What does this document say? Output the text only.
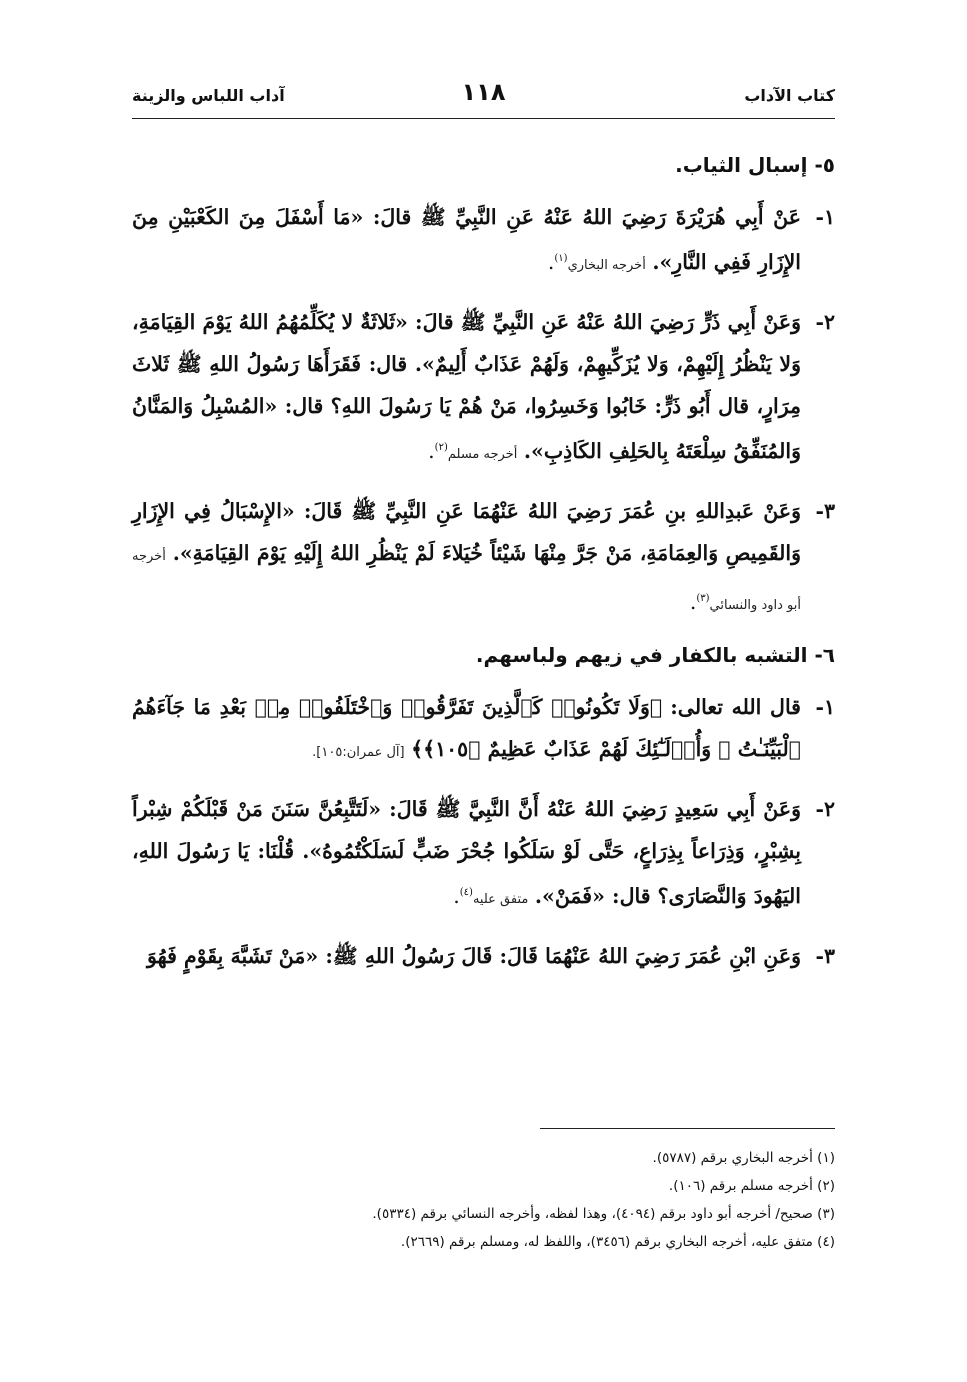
كتاب الآداب
١١٨
آداب اللباس والزينة
٥- إسبال الثياب.
١-
عَنْ أَبِي هُرَيْرَةَ رَضِيَ اللهُ عَنْهُ عَنِ النَّبِيِّ ﷺ قالَ: «مَا أَسْفَلَ مِنَ الكَعْبَيْنِ مِنَ الإِزَارِ فَفِي النَّارِ». أخرجه البخاري$^{(١)}$.
٢-
وَعَنْ أَبِي ذَرٍّ رَضِيَ اللهُ عَنْهُ عَنِ النَّبِيِّ ﷺ قالَ: «ثَلاثَةٌ لا يُكَلِّمُهُمُ اللهُ يَوْمَ القِيَامَةِ، وَلا يَنْظُرُ إِلَيْهِمْ، وَلا يُزَكِّيهِمْ، وَلَهُمْ عَذَابٌ أَلِيمٌ». قال: فَقَرَأَهَا رَسُولُ اللهِ ﷺ ثَلاثَ مِرَارٍ، قال أَبُو ذَرٍّ: خَابُوا وَخَسِرُوا، مَنْ هُمْ يَا رَسُولَ اللهِ؟ قال: «المُسْبِلُ وَالمَنَّانُ وَالمُنَفِّقُ سِلْعَتَهُ بِالحَلِفِ الكَاذِبِ». أخرجه مسلم$^{(٢)}$.
٣-
وَعَنْ عَبدِاللهِ بنِ عُمَرَ رَضِيَ اللهُ عَنْهُمَا عَنِ النَّبِيِّ ﷺ قَالَ: «الإِسْبَالُ فِي الإِزَارِ وَالقَمِيصِ وَالعِمَامَةِ، مَنْ جَرَّ مِنْهَا شَيْئاً خُيَلاءَ لَمْ يَنْظُرِ اللهُ إِلَيْهِ يَوْمَ القِيَامَةِ». أخرجه أبو داود والنسائي$^{(٣)}$.
٦- التشبه بالكفار في زيهم ولباسهم.
١-
قال الله تعالى: ﴿وَلَا تَكُونُوا۟ كَٱلَّذِينَ تَفَرَّقُوا۟ وَٱخْتَلَفُوا۟ مِنۢ بَعْدِ مَا جَآءَهُمُ ٱلْبَيِّنَـٰتُ ۚ وَأُو۟لَـٰٓئِكَ لَهُمْ عَذَابٌ عَظِيمٌ ﴿١٠٥﴾﴾ [آل عمران:١٠٥].
٢-
وَعَنْ أَبِي سَعِيدٍ رَضِيَ اللهُ عَنْهُ أَنَّ النَّبِيَّ ﷺ قَالَ: «لَتَتَّبِعُنَّ سَنَنَ مَنْ قَبْلَكُمْ شِبْراً بِشِبْرٍ، وَذِرَاعاً بِذِرَاعٍ، حَتَّى لَوْ سَلَكُوا جُحْرَ ضَبٍّ لَسَلَكْتُمُوهُ». قُلْنَا: يَا رَسُولَ اللهِ، اليَهُودَ وَالنَّصَارَى؟ قال: «فَمَنْ». متفق عليه$^{(٤)}$.
٣-
وَعَنِ ابْنِ عُمَرَ رَضِيَ اللهُ عَنْهُمَا قَالَ: قَالَ رَسُولُ اللهِ ﷺ: «مَنْ تَشَبَّهَ بِقَوْمٍ فَهُوَ
(١) أخرجه البخاري برقم (٥٧٨٧).
(٢) أخرجه مسلم برقم (١٠٦).
(٣) صحيح/ أخرجه أبو داود برقم (٤٠٩٤)، وهذا لفظه، وأخرجه النسائي برقم (٥٣٣٤).
(٤) متفق عليه، أخرجه البخاري برقم (٣٤٥٦)، واللفظ له، ومسلم برقم (٢٦٦٩).
